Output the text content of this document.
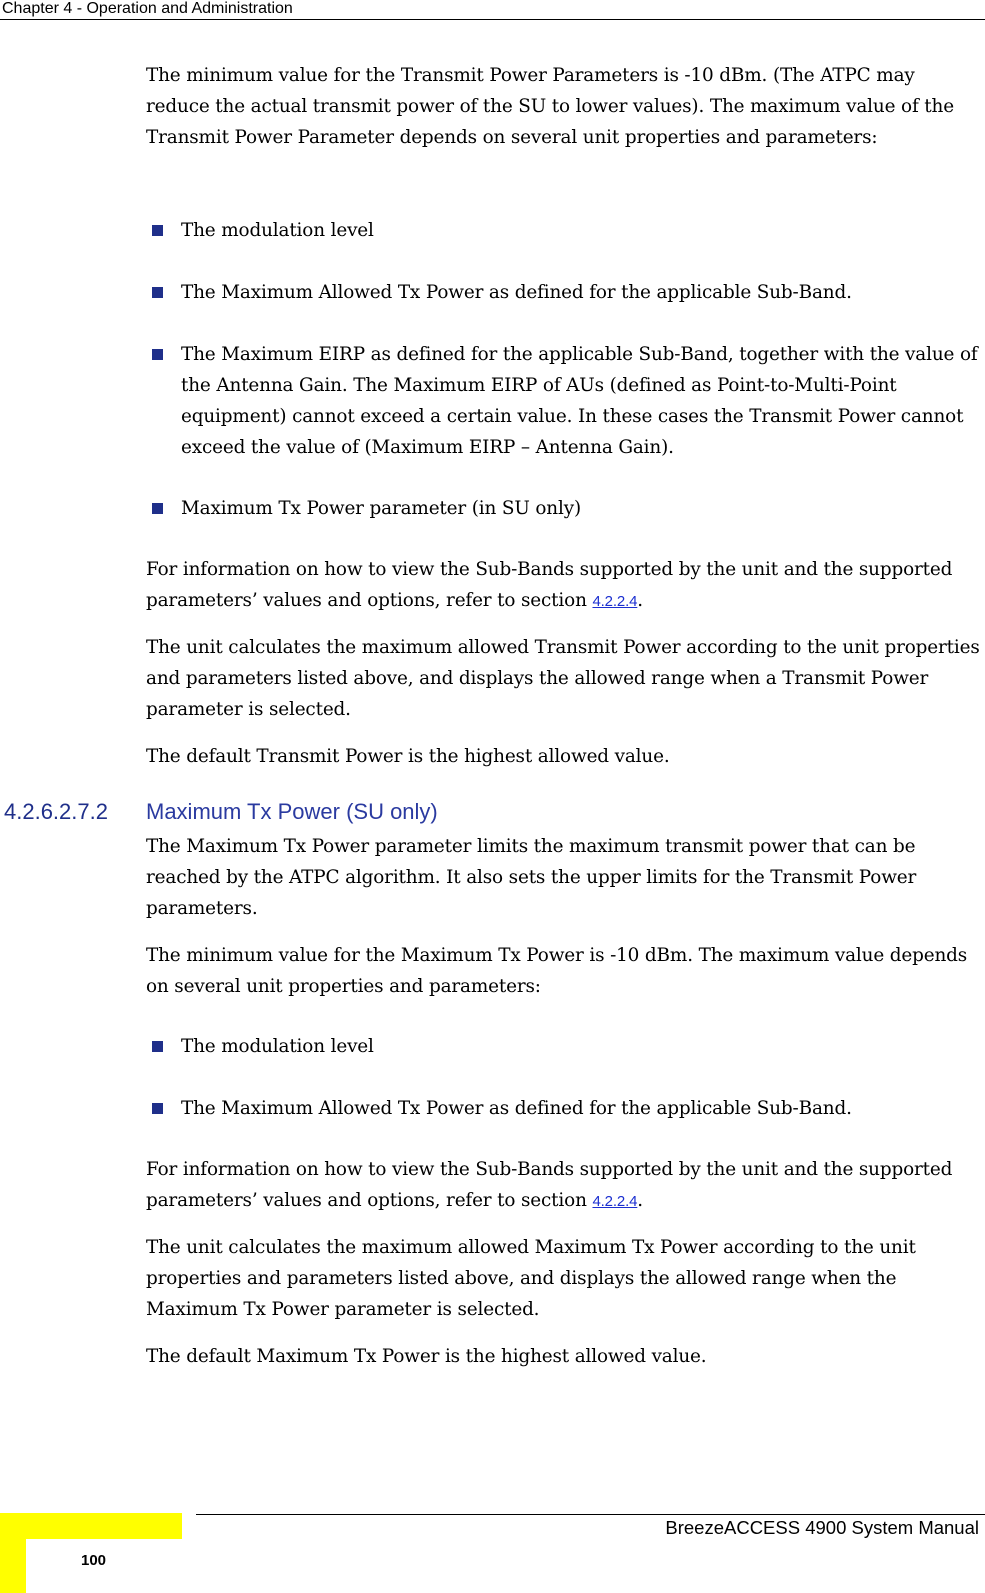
Chapter 4 - Operation and Administration

The minimum value for the Transmit Power Parameters is -10 dBm. (The ATPC may reduce the actual transmit power of the SU to lower values). The maximum value of the Transmit Power Parameter depends on several unit properties and parameters:

The modulation level
The Maximum Allowed Tx Power as defined for the applicable Sub-Band.
The Maximum EIRP as defined for the applicable Sub-Band, together with the value of the Antenna Gain. The Maximum EIRP of AUs (defined as Point-to-Multi-Point equipment) cannot exceed a certain value. In these cases the Transmit Power cannot exceed the value of (Maximum EIRP – Antenna Gain).
Maximum Tx Power parameter (in SU only)

For information on how to view the Sub-Bands supported by the unit and the supported parameters’ values and options, refer to section 4.2.2.4.

The unit calculates the maximum allowed Transmit Power according to the unit properties and parameters listed above, and displays the allowed range when a Transmit Power parameter is selected.

The default Transmit Power is the highest allowed value.

4.2.6.2.7.2 Maximum Tx Power (SU only)

The Maximum Tx Power parameter limits the maximum transmit power that can be reached by the ATPC algorithm. It also sets the upper limits for the Transmit Power parameters.

The minimum value for the Maximum Tx Power is -10 dBm. The maximum value depends on several unit properties and parameters:

The modulation level
The Maximum Allowed Tx Power as defined for the applicable Sub-Band.

For information on how to view the Sub-Bands supported by the unit and the supported parameters’ values and options, refer to section 4.2.2.4.

The unit calculates the maximum allowed Maximum Tx Power according to the unit properties and parameters listed above, and displays the allowed range when the Maximum Tx Power parameter is selected.

The default Maximum Tx Power is the highest allowed value.

BreezeACCESS 4900 System Manual
100
